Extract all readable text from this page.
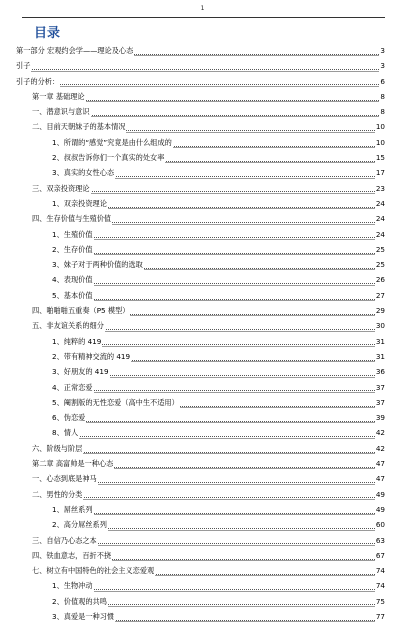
1
目录
第一部分 宏观约会学——理论及心态	3
引子	3
引子的分析：	6
第一章 基础理论	8
一、潜意识与意识	8
二、目前天朝妹子的基本情况	10
1、所谓的“感觉”究竟是由什么组成的	10
2、叔叔告诉你们一个真实的处女率	15
3、真实的女性心态	17
三、双亲投资理论	23
1、双亲投资理论	24
四、生存价值与生殖价值	24
1、生殖价值	24
2、生存价值	25
3、妹子对于两种价值的选取	25
4、表现价值	26
5、基本价值	27
四、啪啪啪五重奏（P5 模型）	29
五、非友谊关系的细分	30
1、纯粹的 419	31
2、带有精神交流的 419	31
3、好朋友的 419	36
4、正常恋爱	37
5、阉割版的无性恋爱（高中生不适用）	37
6、伪恋爱	39
8、情人	42
六、阶级与阶层	42
第二章 高富帅是一种心态	47
一、心态到底是神马	47
二、男性的分类	49
1、屌丝系列	49
2、高分屌丝系列	60
三、自信乃心态之本	63
四、铁血意志，百折不挠	67
七、树立有中国特色的社会主义恋爱观	74
1、生物冲动	74
2、价值观的共鸣	75
3、真爱是一种习惯	77
